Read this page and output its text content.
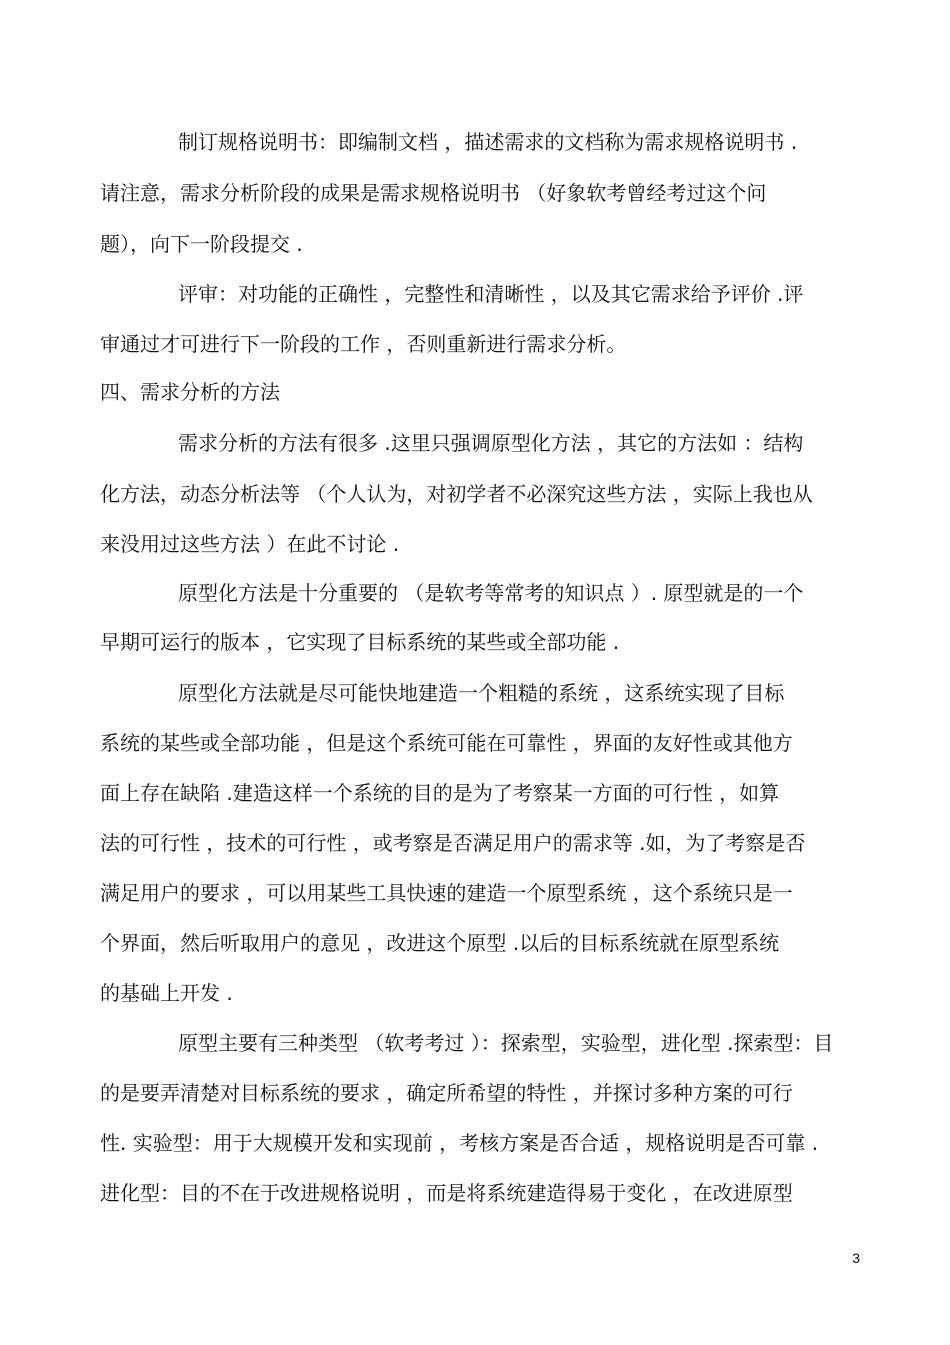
制订规格说明书：即编制文档 ，描述需求的文档称为需求规格说明书 .
请注意，需求分析阶段的成果是需求规格说明书 （好象软考曾经考过这个问
题），向下一阶段提交 .
评审：对功能的正确性 ，完整性和清晰性 ，以及其它需求给予评价 .评
审通过才可进行下一阶段的工作 ，否则重新进行需求分析。
四、需求分析的方法
需求分析的方法有很多 .这里只强调原型化方法 ，其它的方法如 ：结构
化方法，动态分析法等 （个人认为，对初学者不必深究这些方法 ，实际上我也从
来没用过这些方法 ）在此不讨论 .
原型化方法是十分重要的 （是软考等常考的知识点 ）. 原型就是的一个
早期可运行的版本 ，它实现了目标系统的某些或全部功能 .
原型化方法就是尽可能快地建造一个粗糙的系统 ，这系统实现了目标
系统的某些或全部功能 ，但是这个系统可能在可靠性 ，界面的友好性或其他方
面上存在缺陷 .建造这样一个系统的目的是为了考察某一方面的可行性 ，如算
法的可行性 ，技术的可行性 ，或考察是否满足用户的需求等 .如，为了考察是否
满足用户的要求 ，可以用某些工具快速的建造一个原型系统 ，这个系统只是一
个界面，然后听取用户的意见 ，改进这个原型 .以后的目标系统就在原型系统
的基础上开发 .
原型主要有三种类型 （软考考过 ）：探索型，实验型，进化型 .探索型：目
的是要弄清楚对目标系统的要求 ，确定所希望的特性 ，并探讨多种方案的可行
性. 实验型：用于大规模开发和实现前 ，考核方案是否合适 ，规格说明是否可靠 .
进化型：目的不在于改进规格说明 ，而是将系统建造得易于变化 ，在改进原型
3
